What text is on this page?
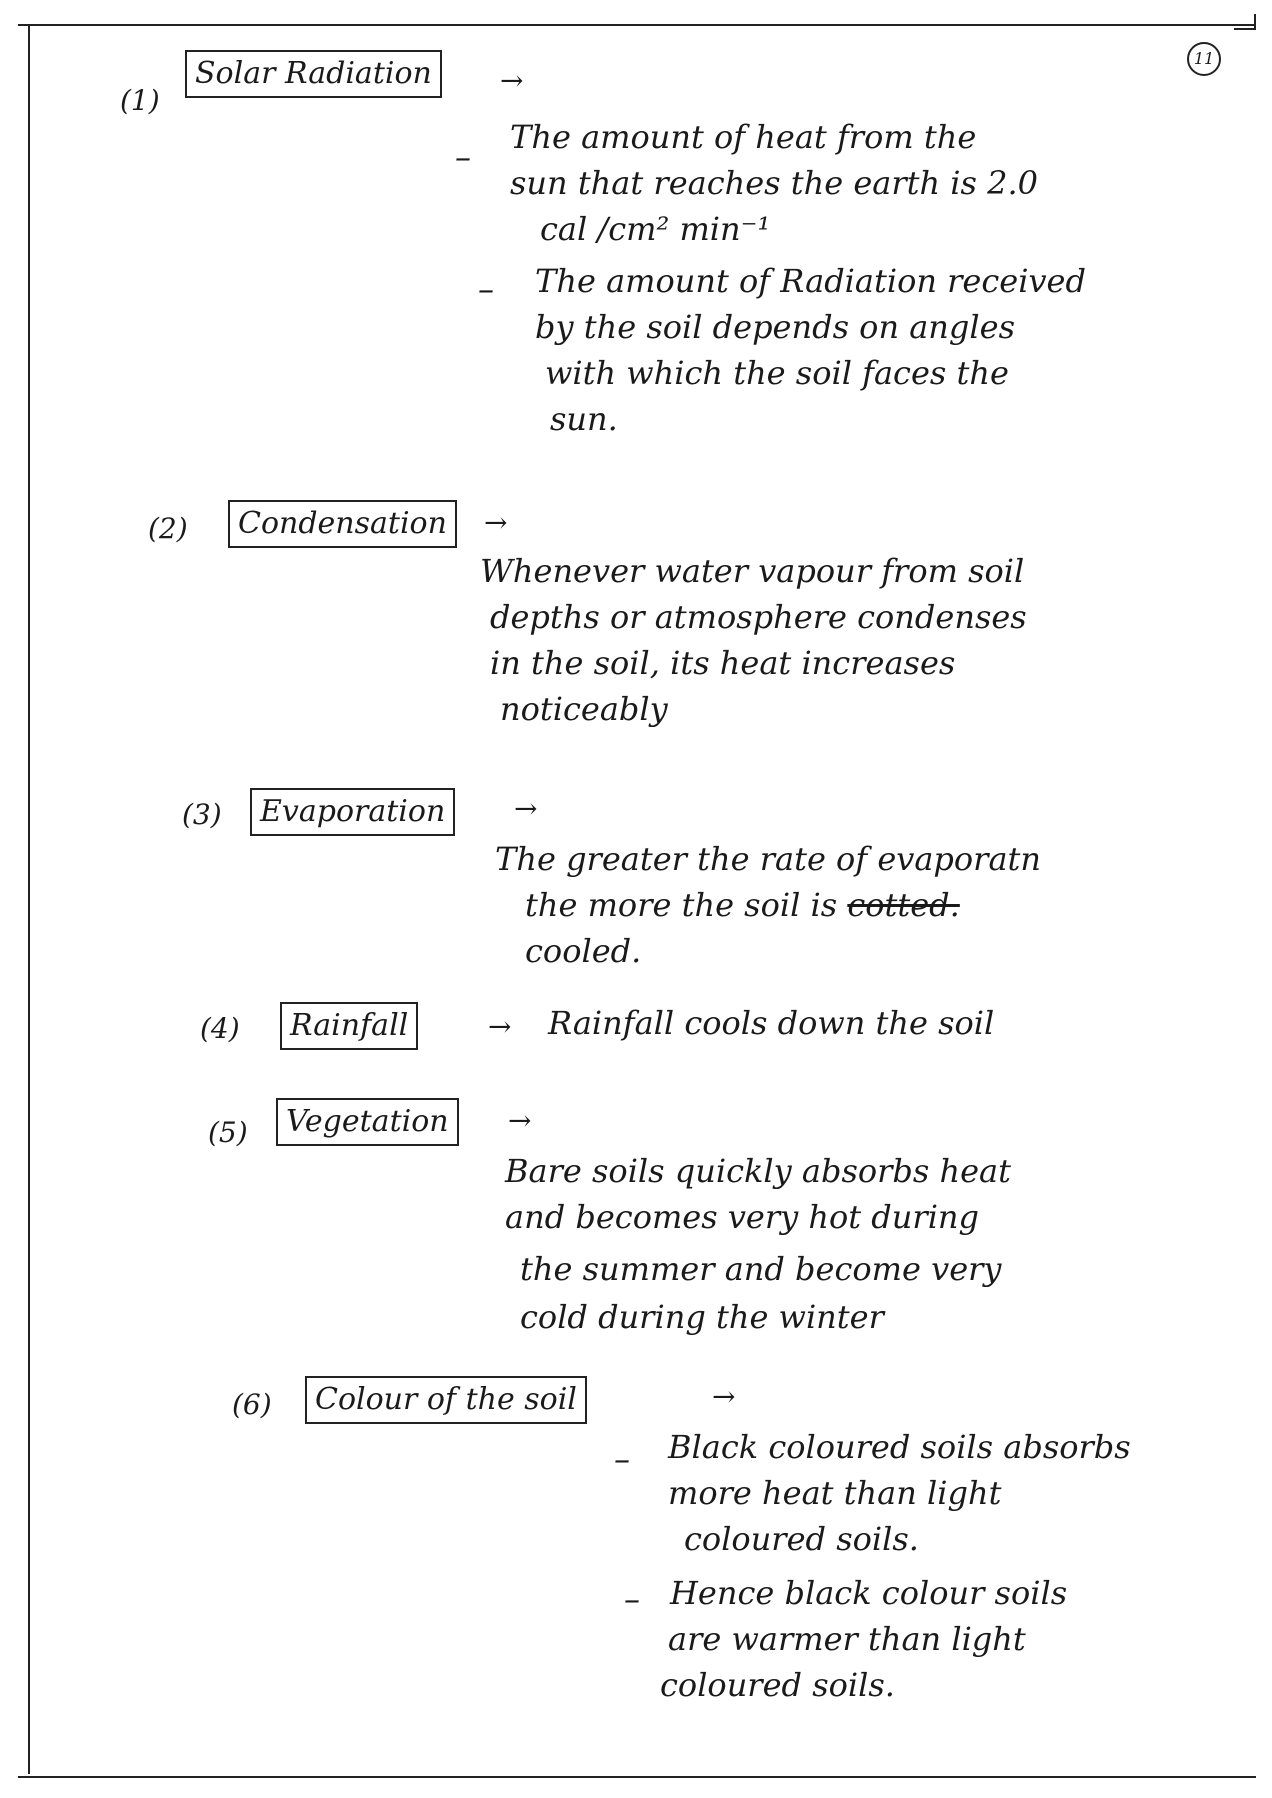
11
(1)
Solar Radiation	→
–
The amount of heat from the
sun that reaches the earth is 2.0
cal /cm² min⁻¹
– The amount of Radiation received
by the soil depends on angles
with which the soil faces the
sun.
(2)	Condensation	→
Whenever water vapour from soil
depths or atmosphere condenses
in the soil, its heat increases
noticeably
(3)	Evaporation	→
The greater the rate of evaporatn
the more the soil is cotted.
cooled.
(4)	Rainfall	→ Rainfall cools down the soil
(5)	Vegetation	→
Bare soils quickly absorbs heat
and becomes very hot during
the summer and become very
cold during the winter
(6)	Colour of the soil	→
– Black coloured soils absorbs
more heat than light
coloured soils.
– Hence black colour soils
are warmer than light
coloured soils.
